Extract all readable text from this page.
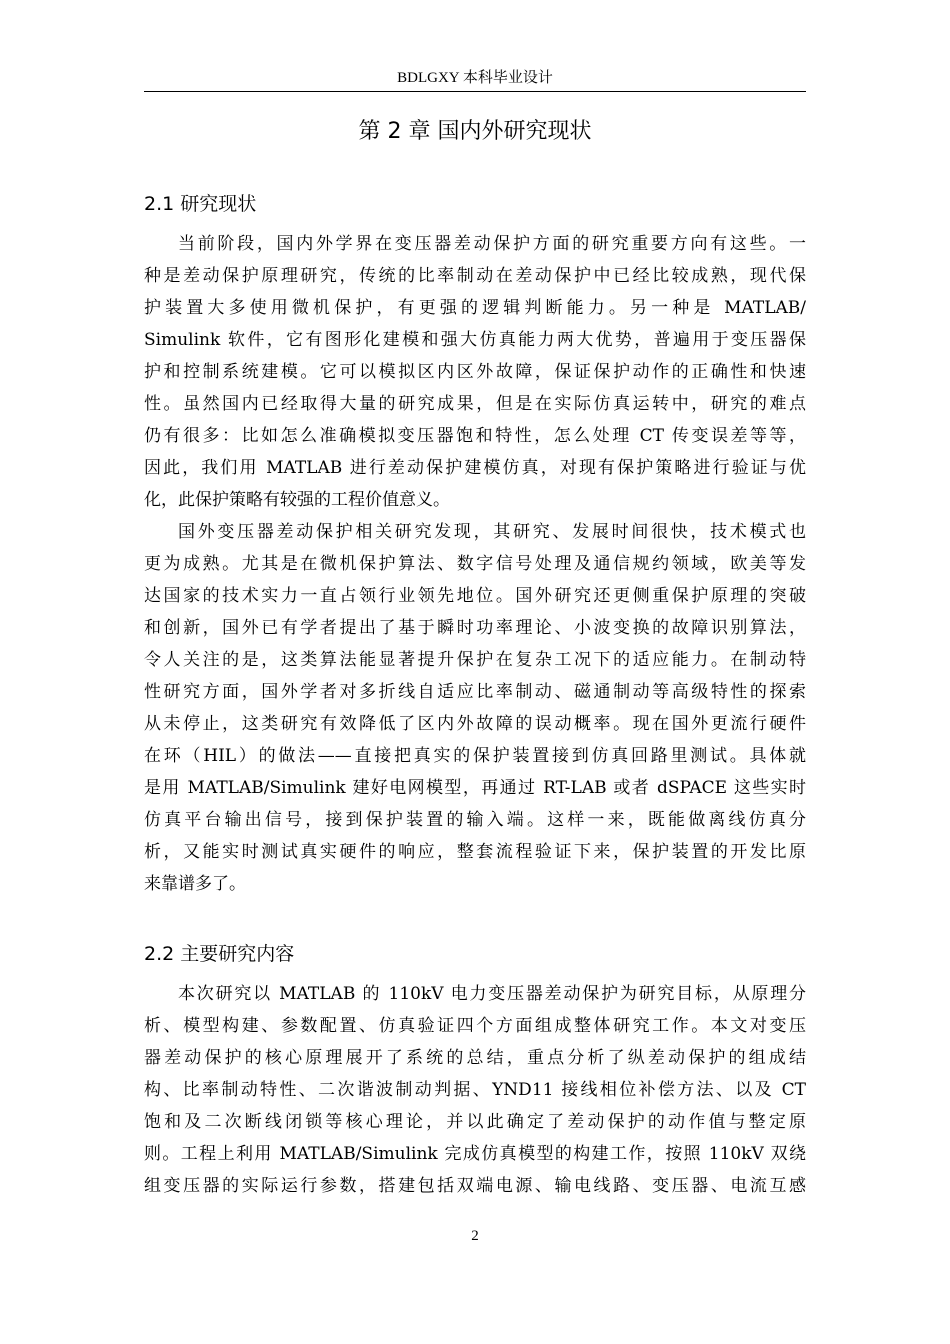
BDLGXY 本科毕业设计
第 2 章 国内外研究现状
2.1 研究现状
当前阶段，国内外学界在变压器差动保护方面的研究重要方向有这些。一
种是差动保护原理研究，传统的比率制动在差动保护中已经比较成熟，现代保
护装置大多使用微机保护，有更强的逻辑判断能力。另一种是 MATLAB/
Simulink 软件，它有图形化建模和强大仿真能力两大优势，普遍用于变压器保
护和控制系统建模。它可以模拟区内区外故障，保证保护动作的正确性和快速
性。虽然国内已经取得大量的研究成果，但是在实际仿真运转中，研究的难点
仍有很多：比如怎么准确模拟变压器饱和特性，怎么处理 CT 传变误差等等，
因此，我们用 MATLAB 进行差动保护建模仿真，对现有保护策略进行验证与优
化，此保护策略有较强的工程价值意义。
国外变压器差动保护相关研究发现，其研究、发展时间很快，技术模式也
更为成熟。尤其是在微机保护算法、数字信号处理及通信规约领域，欧美等发
达国家的技术实力一直占领行业领先地位。国外研究还更侧重保护原理的突破
和创新，国外已有学者提出了基于瞬时功率理论、小波变换的故障识别算法，
令人关注的是，这类算法能显著提升保护在复杂工况下的适应能力。在制动特
性研究方面，国外学者对多折线自适应比率制动、磁通制动等高级特性的探索
从未停止，这类研究有效降低了区内外故障的误动概率。现在国外更流行硬件
在环（HIL）的做法——直接把真实的保护装置接到仿真回路里测试。具体就
是用 MATLAB/Simulink 建好电网模型，再通过 RT-LAB 或者 dSPACE 这些实时
仿真平台输出信号，接到保护装置的输入端。这样一来，既能做离线仿真分
析，又能实时测试真实硬件的响应，整套流程验证下来，保护装置的开发比原
来靠谱多了。
2.2 主要研究内容
本次研究以 MATLAB 的 110kV 电力变压器差动保护为研究目标，从原理分
析、模型构建、参数配置、仿真验证四个方面组成整体研究工作。本文对变压
器差动保护的核心原理展开了系统的总结，重点分析了纵差动保护的组成结
构、比率制动特性、二次谐波制动判据、YND11 接线相位补偿方法、以及 CT
饱和及二次断线闭锁等核心理论，并以此确定了差动保护的动作值与整定原
则。工程上利用 MATLAB/Simulink 完成仿真模型的构建工作，按照 110kV 双绕
组变压器的实际运行参数，搭建包括双端电源、输电线路、变压器、电流互感
2
